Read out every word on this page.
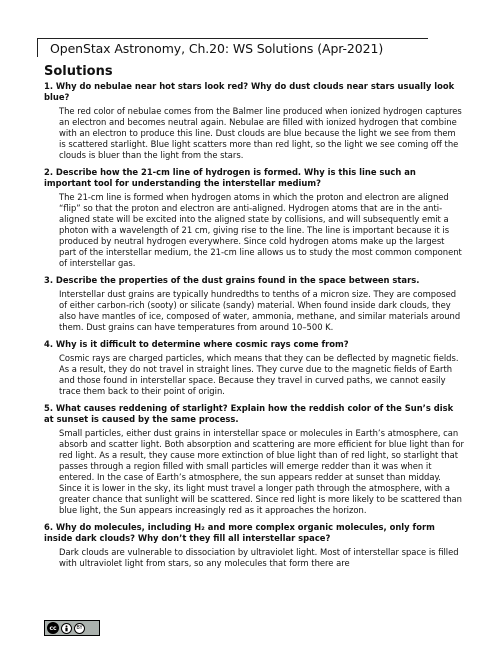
OpenStax Astronomy, Ch.20: WS Solutions (Apr-2021)
Solutions
1. Why do nebulae near hot stars look red? Why do dust clouds near stars usually look blue?
The red color of nebulae comes from the Balmer line produced when ionized hydrogen captures an electron and becomes neutral again. Nebulae are filled with ionized hydrogen that combine with an electron to produce this line. Dust clouds are blue because the light we see from them is scattered starlight. Blue light scatters more than red light, so the light we see coming off the clouds is bluer than the light from the stars.
2. Describe how the 21-cm line of hydrogen is formed. Why is this line such an important tool for understanding the interstellar medium?
The 21-cm line is formed when hydrogen atoms in which the proton and electron are aligned “flip” so that the proton and electron are anti-aligned. Hydrogen atoms that are in the anti-aligned state will be excited into the aligned state by collisions, and will subsequently emit a photon with a wavelength of 21 cm, giving rise to the line. The line is important because it is produced by neutral hydrogen everywhere. Since cold hydrogen atoms make up the largest part of the interstellar medium, the 21-cm line allows us to study the most common component of interstellar gas.
3. Describe the properties of the dust grains found in the space between stars.
Interstellar dust grains are typically hundredths to tenths of a micron size. They are composed of either carbon-rich (sooty) or silicate (sandy) material. When found inside dark clouds, they also have mantles of ice, composed of water, ammonia, methane, and similar materials around them. Dust grains can have temperatures from around 10–500 K.
4. Why is it difficult to determine where cosmic rays come from?
Cosmic rays are charged particles, which means that they can be deflected by magnetic fields. As a result, they do not travel in straight lines. They curve due to the magnetic fields of Earth and those found in interstellar space. Because they travel in curved paths, we cannot easily trace them back to their point of origin.
5. What causes reddening of starlight? Explain how the reddish color of the Sun’s disk at sunset is caused by the same process.
Small particles, either dust grains in interstellar space or molecules in Earth’s atmosphere, can absorb and scatter light. Both absorption and scattering are more efficient for blue light than for red light. As a result, they cause more extinction of blue light than of red light, so starlight that passes through a region filled with small particles will emerge redder than it was when it entered. In the case of Earth’s atmosphere, the sun appears redder at sunset than midday. Since it is lower in the sky, its light must travel a longer path through the atmosphere, with a greater chance that sunlight will be scattered. Since red light is more likely to be scattered than blue light, the Sun appears increasingly red as it approaches the horizon.
6. Why do molecules, including H₂ and more complex organic molecules, only form inside dark clouds? Why don’t they fill all interstellar space?
Dark clouds are vulnerable to dissociation by ultraviolet light. Most of interstellar space is filled with ultraviolet light from stars, so any molecules that form there are
cc	BY
